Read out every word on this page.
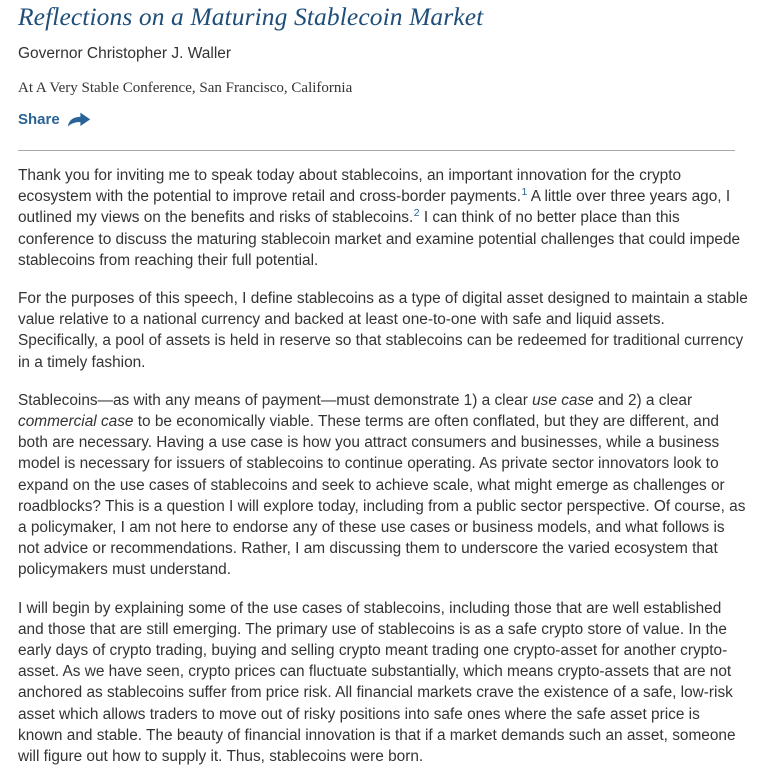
Reflections on a Maturing Stablecoin Market
Governor Christopher J. Waller
At A Very Stable Conference, San Francisco, California
Share

Thank you for inviting me to speak today about stablecoins, an important innovation for the crypto ecosystem with the potential to improve retail and cross-border payments.$^1$ A little over three years ago, I outlined my views on the benefits and risks of stablecoins.$^2$ I can think of no better place than this conference to discuss the maturing stablecoin market and examine potential challenges that could impede stablecoins from reaching their full potential.

For the purposes of this speech, I define stablecoins as a type of digital asset designed to maintain a stable value relative to a national currency and backed at least one-to-one with safe and liquid assets. Specifically, a pool of assets is held in reserve so that stablecoins can be redeemed for traditional currency in a timely fashion.

Stablecoins—as with any means of payment—must demonstrate 1) a clear use case and 2) a clear commercial case to be economically viable. These terms are often conflated, but they are different, and both are necessary. Having a use case is how you attract consumers and businesses, while a business model is necessary for issuers of stablecoins to continue operating. As private sector innovators look to expand on the use cases of stablecoins and seek to achieve scale, what might emerge as challenges or roadblocks? This is a question I will explore today, including from a public sector perspective. Of course, as a policymaker, I am not here to endorse any of these use cases or business models, and what follows is not advice or recommendations. Rather, I am discussing them to underscore the varied ecosystem that policymakers must understand.

I will begin by explaining some of the use cases of stablecoins, including those that are well established and those that are still emerging. The primary use of stablecoins is as a safe crypto store of value. In the early days of crypto trading, buying and selling crypto meant trading one crypto-asset for another crypto-asset. As we have seen, crypto prices can fluctuate substantially, which means crypto-assets that are not anchored as stablecoins suffer from price risk. All financial markets crave the existence of a safe, low-risk asset which allows traders to move out of risky positions into safe ones where the safe asset price is known and stable. The beauty of financial innovation is that if a market demands such an asset, someone will figure out how to supply it. Thus, stablecoins were born.
